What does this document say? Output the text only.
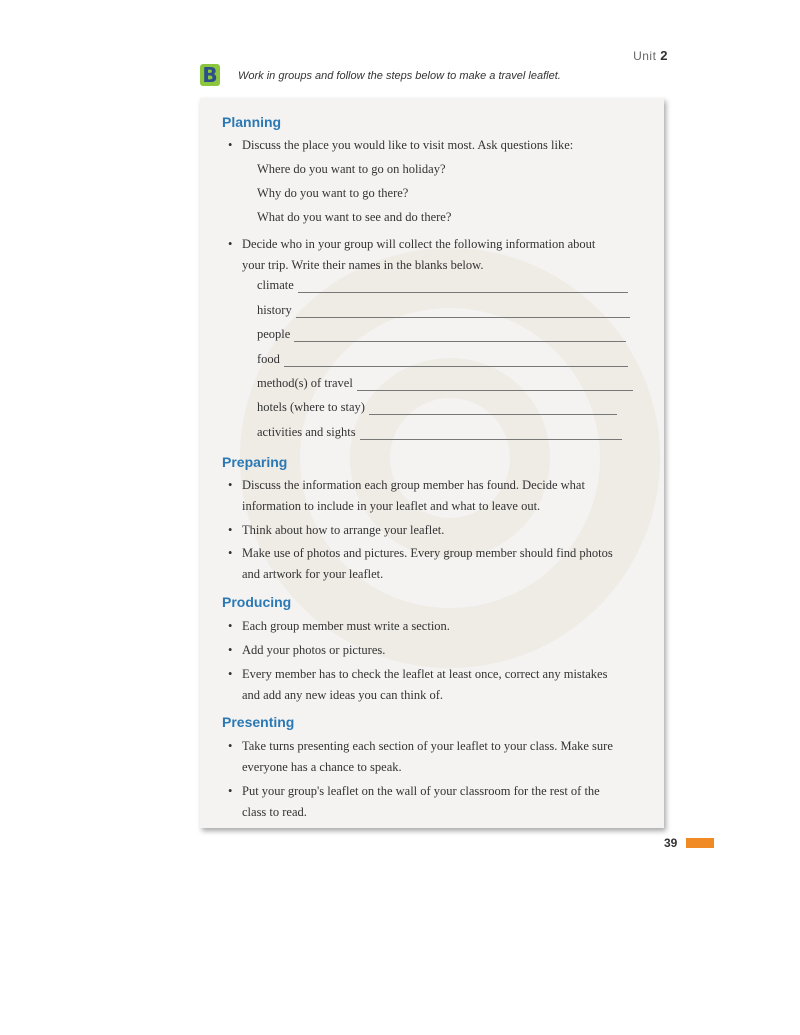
Unit 2
B Work in groups and follow the steps below to make a travel leaflet.
Planning
• Discuss the place you would like to visit most. Ask questions like:
Where do you want to go on holiday?
Why do you want to go there?
What do you want to see and do there?
• Decide who in your group will collect the following information about
your trip. Write their names in the blanks below.
climate
history
people
food
method(s) of travel
hotels (where to stay)
activities and sights
Preparing
• Discuss the information each group member has found. Decide what
information to include in your leaflet and what to leave out.
• Think about how to arrange your leaflet.
• Make use of photos and pictures. Every group member should find photos
and artwork for your leaflet.
Producing
• Each group member must write a section.
• Add your photos or pictures.
• Every member has to check the leaflet at least once, correct any mistakes
and add any new ideas you can think of.
Presenting
• Take turns presenting each section of your leaflet to your class. Make sure
everyone has a chance to speak.
• Put your group's leaflet on the wall of your classroom for the rest of the
class to read.
39
